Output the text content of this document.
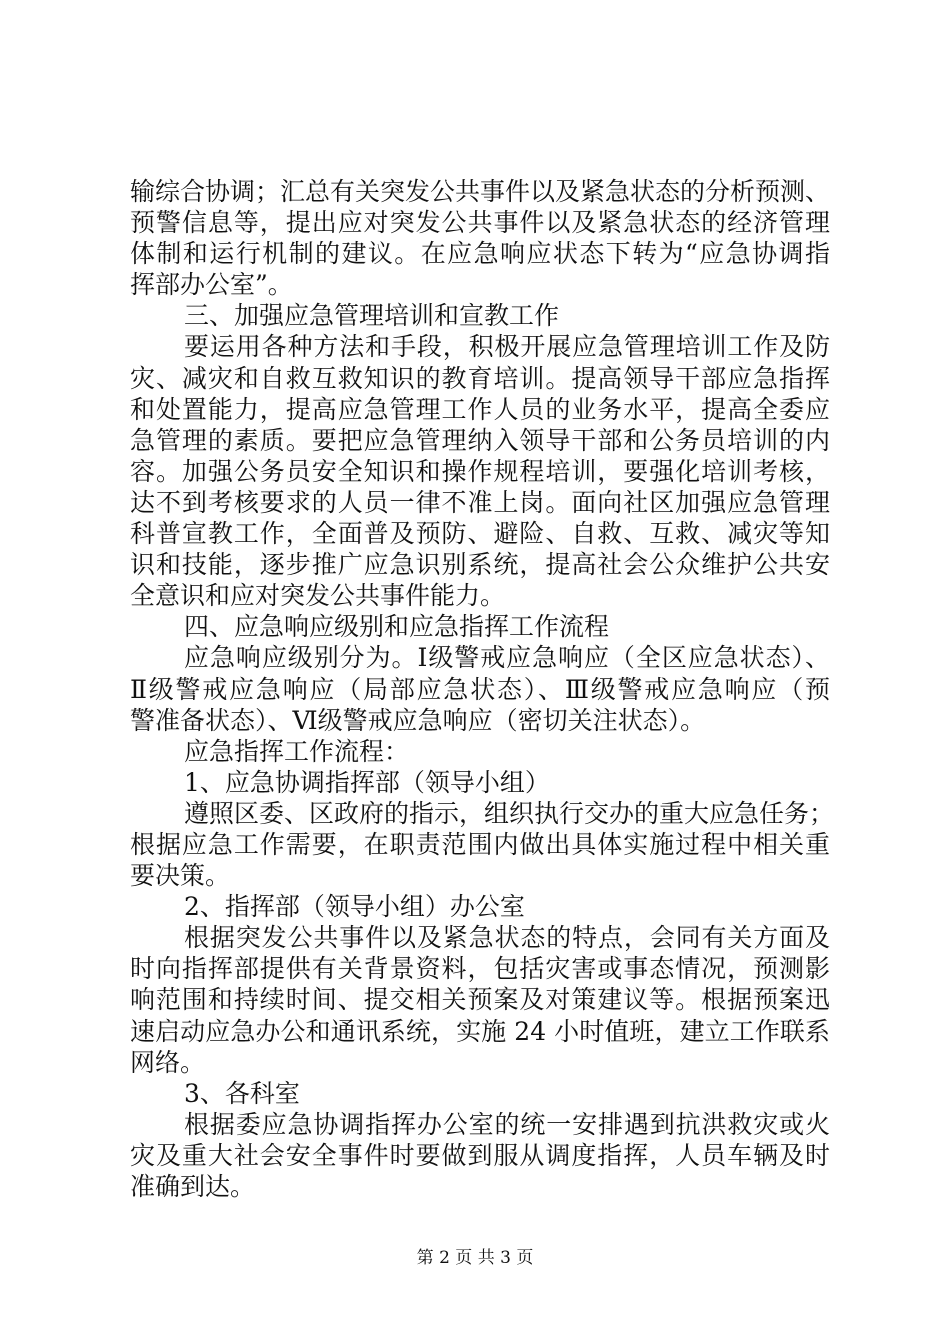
输综合协调；汇总有关突发公共事件以及紧急状态的分析预测、
预警信息等，提出应对突发公共事件以及紧急状态的经济管理
体制和运行机制的建议。在应急响应状态下转为“应急协调指
挥部办公室”。
三、加强应急管理培训和宣教工作
要运用各种方法和手段，积极开展应急管理培训工作及防
灾、减灾和自救互救知识的教育培训。提高领导干部应急指挥
和处置能力，提高应急管理工作人员的业务水平，提高全委应
急管理的素质。要把应急管理纳入领导干部和公务员培训的内
容。加强公务员安全知识和操作规程培训，要强化培训考核，
达不到考核要求的人员一律不准上岗。面向社区加强应急管理
科普宣教工作，全面普及预防、避险、自救、互救、减灾等知
识和技能，逐步推广应急识别系统，提高社会公众维护公共安
全意识和应对突发公共事件能力。
四、应急响应级别和应急指挥工作流程
应急响应级别分为。Ⅰ级警戒应急响应（全区应急状态）、
Ⅱ级警戒应急响应（局部应急状态）、Ⅲ级警戒应急响应（预
警准备状态）、Ⅵ级警戒应急响应（密切关注状态）。
应急指挥工作流程：
1、应急协调指挥部（领导小组）
遵照区委、区政府的指示，组织执行交办的重大应急任务；
根据应急工作需要，在职责范围内做出具体实施过程中相关重
要决策。
2、指挥部（领导小组）办公室
根据突发公共事件以及紧急状态的特点，会同有关方面及
时向指挥部提供有关背景资料，包括灾害或事态情况，预测影
响范围和持续时间、提交相关预案及对策建议等。根据预案迅
速启动应急办公和通讯系统，实施 24 小时值班，建立工作联系
网络。
3、各科室
根据委应急协调指挥办公室的统一安排遇到抗洪救灾或火
灾及重大社会安全事件时要做到服从调度指挥，人员车辆及时
准确到达。
第 2 页 共 3 页
